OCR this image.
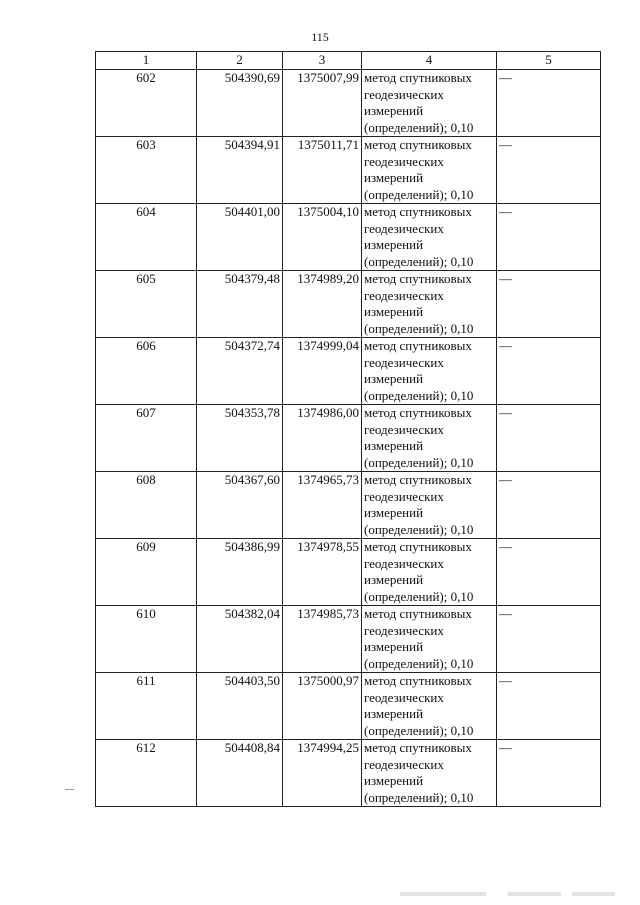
115
1	2	3	4	5
602	504390,69	1375007,99	метод спутниковых
геодезических
измерений
(определений); 0,10	—
603	504394,91	1375011,71	метод спутниковых
геодезических
измерений
(определений); 0,10	—
604	504401,00	1375004,10	метод спутниковых
геодезических
измерений
(определений); 0,10	—
605	504379,48	1374989,20	метод спутниковых
геодезических
измерений
(определений); 0,10	—
606	504372,74	1374999,04	метод спутниковых
геодезических
измерений
(определений); 0,10	—
607	504353,78	1374986,00	метод спутниковых
геодезических
измерений
(определений); 0,10	—
608	504367,60	1374965,73	метод спутниковых
геодезических
измерений
(определений); 0,10	—
609	504386,99	1374978,55	метод спутниковых
геодезических
измерений
(определений); 0,10	—
610	504382,04	1374985,73	метод спутниковых
геодезических
измерений
(определений); 0,10	—
611	504403,50	1375000,97	метод спутниковых
геодезических
измерений
(определений); 0,10	—
612	504408,84	1374994,25	метод спутниковых
геодезических
измерений
(определений); 0,10	—
